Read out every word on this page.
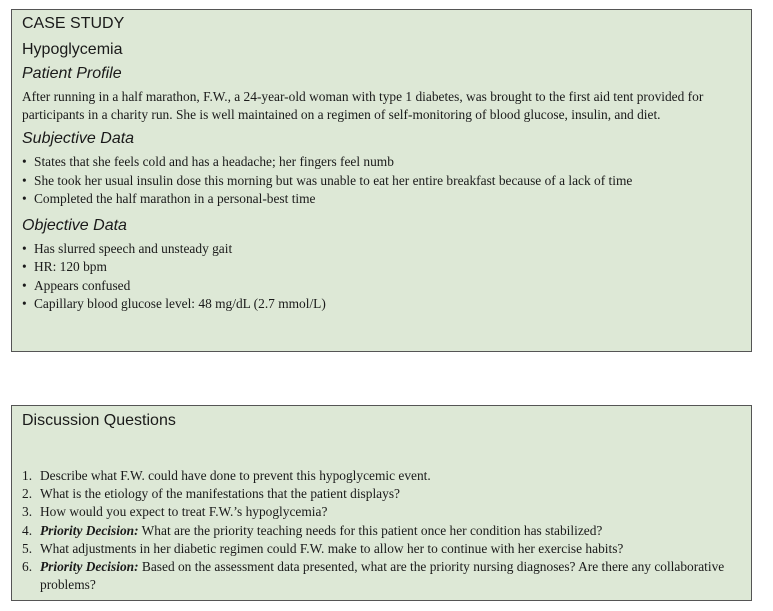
CASE STUDY
Hypoglycemia
Patient Profile

After running in a half marathon, F.W., a 24-year-old woman with type 1 diabetes, was brought to the first aid tent provided for participants in a charity run. She is well maintained on a regimen of self-monitoring of blood glucose, insulin, and diet.

Subjective Data
• States that she feels cold and has a headache; her fingers feel numb
• She took her usual insulin dose this morning but was unable to eat her entire breakfast because of a lack of time
• Completed the half marathon in a personal-best time
Objective Data
• Has slurred speech and unsteady gait
• HR: 120 bpm
• Appears confused
• Capillary blood glucose level: 48 mg/dL (2.7 mmol/L)
Discussion Questions
1. Describe what F.W. could have done to prevent this hypoglycemic event.
2. What is the etiology of the manifestations that the patient displays?
3. How would you expect to treat F.W.’s hypoglycemia?
4. Priority Decision: What are the priority teaching needs for this patient once her condition has stabilized?
5. What adjustments in her diabetic regimen could F.W. make to allow her to continue with her exercise habits?
6. Priority Decision: Based on the assessment data presented, what are the priority nursing diagnoses? Are there any collaborative problems?
